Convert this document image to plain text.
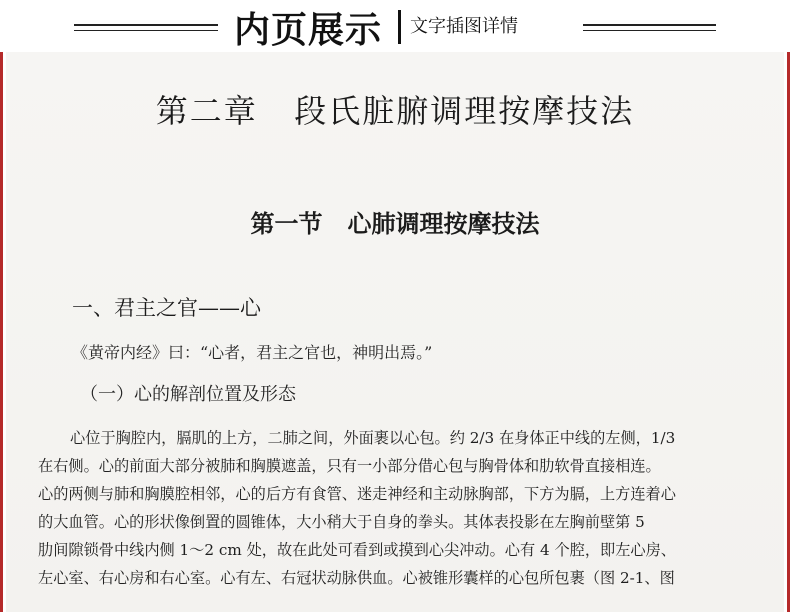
内页展示 文字插图详情
第二章   段氏脏腑调理按摩技法
第一节   心肺调理按摩技法
一、君主之官——心
《黄帝内经》曰：“心者，君主之官也，神明出焉。”
（一）心的解剖位置及形态
心位于胸腔内，膈肌的上方，二肺之间，外面裹以心包。约 2/3 在身体正中线的左侧，1/3
在右侧。心的前面大部分被肺和胸膜遮盖，只有一小部分借心包与胸骨体和肋软骨直接相连。
心的两侧与肺和胸膜腔相邻，心的后方有食管、迷走神经和主动脉胸部，下方为膈，上方连着心
的大血管。心的形状像倒置的圆锥体，大小稍大于自身的拳头。其体表投影在左胸前壁第 5
肋间隙锁骨中线内侧 1～2 cm 处，故在此处可看到或摸到心尖冲动。心有 4 个腔，即左心房、
左心室、右心房和右心室。心有左、右冠状动脉供血。心被锥形囊样的心包所包裹（图 2-1、图
